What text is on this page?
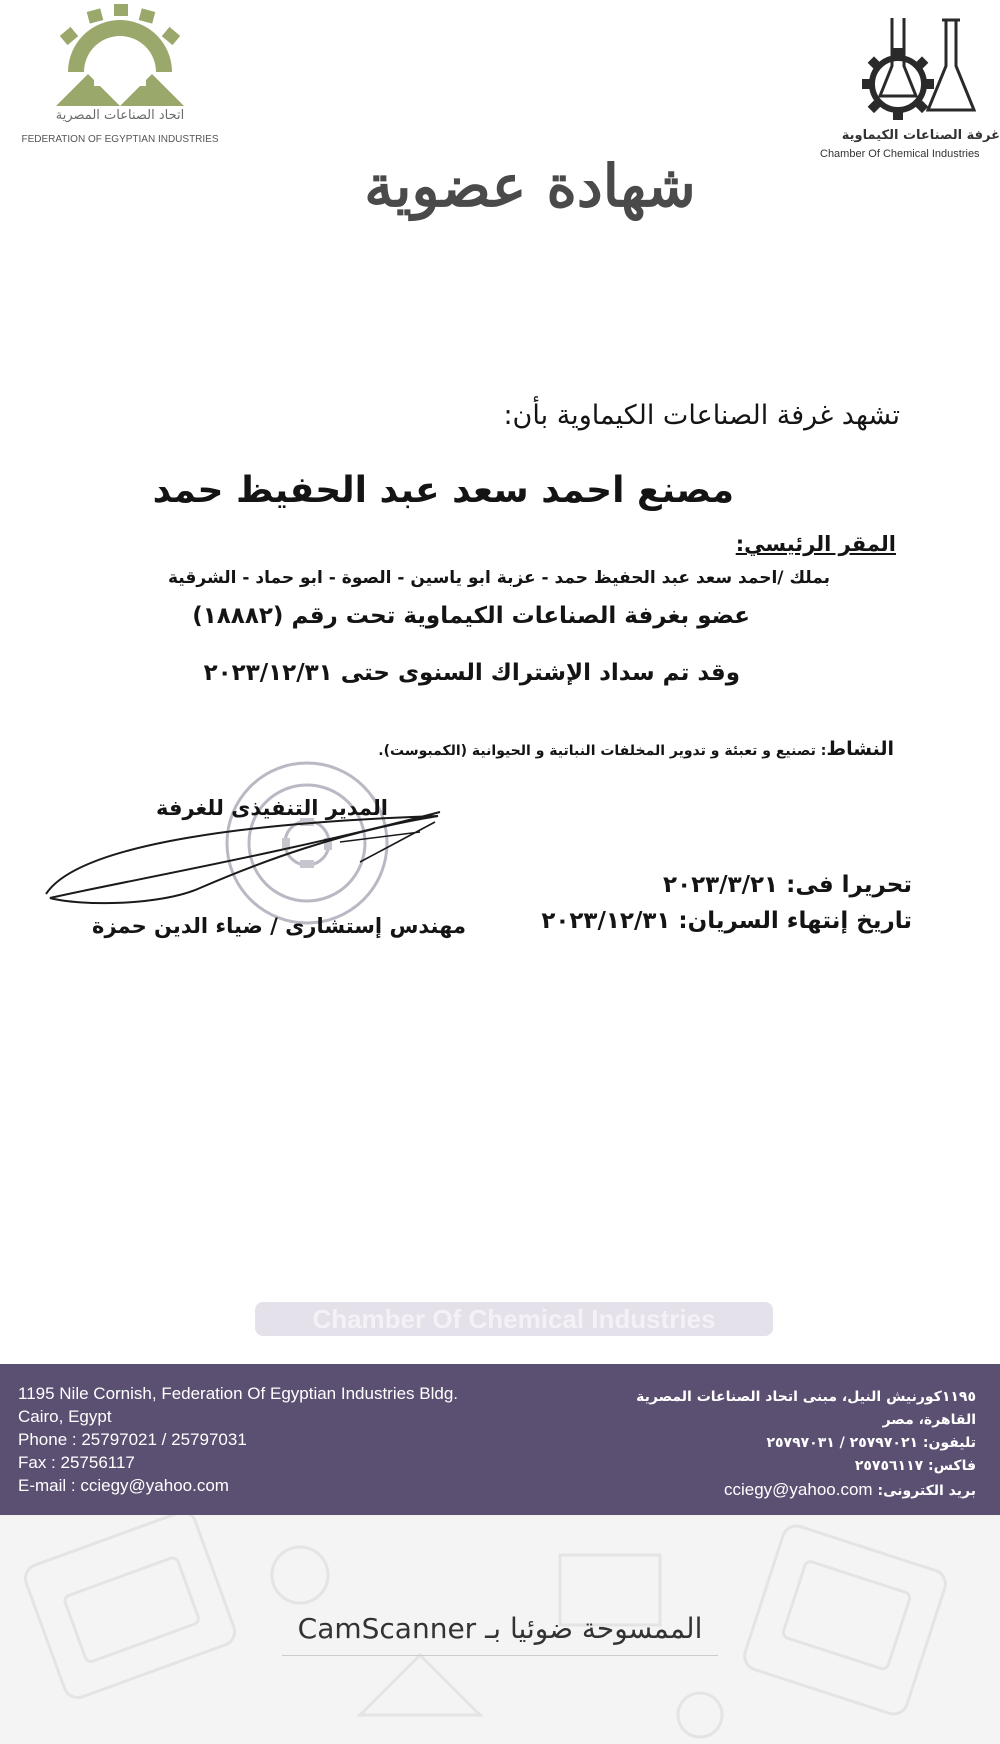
اتحاد الصناعات المصرية
FEDERATION OF EGYPTIAN INDUSTRIES	غرفة الصناعات الكيماوية
Chamber Of Chemical Industries
شهادة عضوية
تشهد غرفة الصناعات الكيماوية بأن:
مصنع احمد سعد عبد الحفيظ حمد
المقر الرئيسي:
بملك /احمد سعد عبد الحفيظ حمد - عزبة ابو ياسين - الصوة - ابو حماد - الشرقية
عضو بغرفة الصناعات الكيماوية تحت رقم (١٨٨٨٢)
وقد تم سداد الإشتراك السنوى حتى ٢٠٢٣/١٢/٣١
النشاط: تصنيع و تعبئة و تدوير المخلفات النباتية و الحيوانية (الكمبوست).
المدير التنفيذى للغرفة
مهندس إستشارى / ضياء الدين حمزة
تحريرا فى: ٢٠٢٣/٣/٢١
تاريخ إنتهاء السريان: ٢٠٢٣/١٢/٣١
Chamber Of Chemical Industries
1195 Nile Cornish, Federation Of Egyptian Industries Bldg.
Cairo, Egypt
Phone : 25797021 / 25797031
Fax : 25756117
E-mail : cciegy@yahoo.com
١١٩٥كورنيش النيل، مبنى اتحاد الصناعات المصرية
القاهرة، مصر
تليفون: ٢٥٧٩٧٠٢١ / ٢٥٧٩٧٠٣١
فاكس: ٢٥٧٥٦١١٧
بريد الكترونى: cciegy@yahoo.com
الممسوحة ضوئيا بـ CamScanner
